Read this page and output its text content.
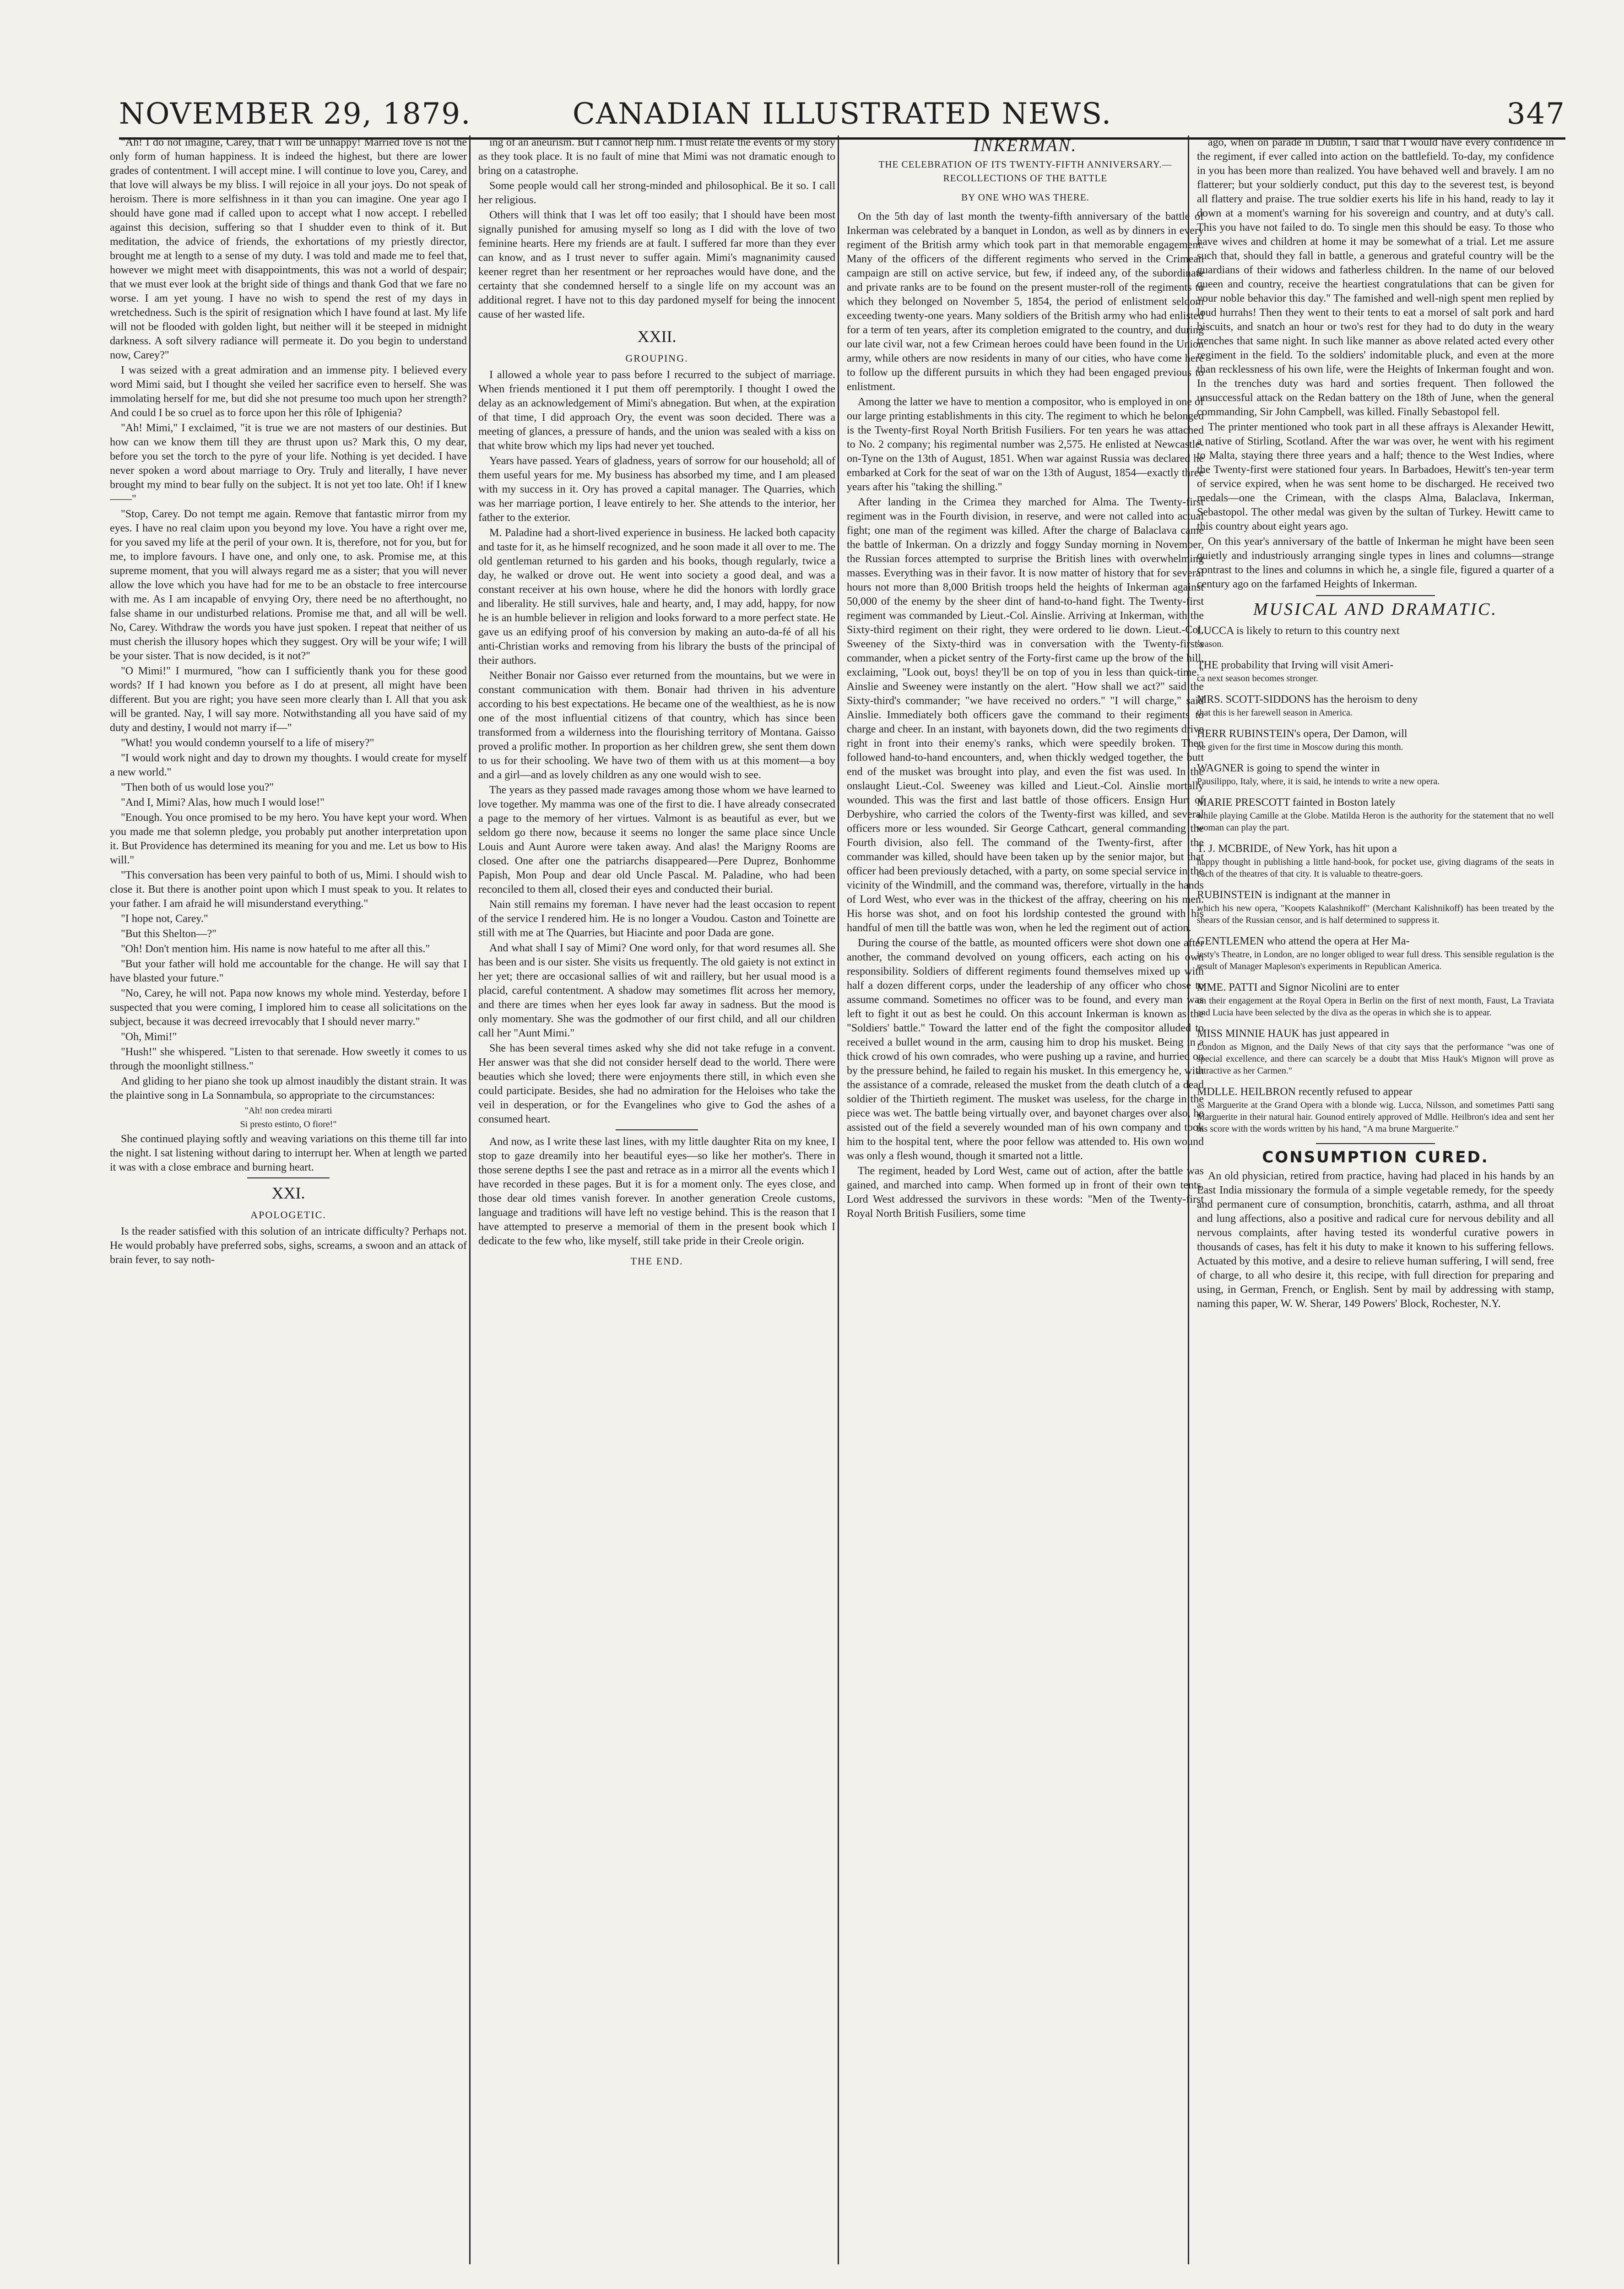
NOVEMBER 29, 1879.	CANADIAN ILLUSTRATED NEWS.	347

"Ah! I do not imagine, Carey, that I will be unhappy! Married love is not the only form of human happiness. It is indeed the highest, but there are lower grades of contentment. I will accept mine. I will continue to love you, Carey, and that love will always be my bliss. I will rejoice in all your joys. Do not speak of heroism. There is more selfishness in it than you can imagine. One year ago I should have gone mad if called upon to accept what I now accept. I rebelled against this decision, suffering so that I shudder even to think of it. But meditation, the advice of friends, the exhortations of my priestly director, brought me at length to a sense of my duty. I was told and made me to feel that, however we might meet with disappointments, this was not a world of despair; that we must ever look at the bright side of things and thank God that we fare no worse. I am yet young. I have no wish to spend the rest of my days in wretchedness. Such is the spirit of resignation which I have found at last. My life will not be flooded with golden light, but neither will it be steeped in midnight darkness. A soft silvery radiance will permeate it. Do you begin to understand now, Carey?"

I was seized with a great admiration and an immense pity. I believed every word Mimi said, but I thought she veiled her sacrifice even to herself. She was immolating herself for me, but did she not presume too much upon her strength? And could I be so cruel as to force upon her this rôle of Iphigenia?

"Ah! Mimi," I exclaimed, "it is true we are not masters of our destinies. But how can we know them till they are thrust upon us? Mark this, O my dear, before you set the torch to the pyre of your life. Nothing is yet decided. I have never spoken a word about marriage to Ory. Truly and literally, I have never brought my mind to bear fully on the subject. It is not yet too late. Oh! if I knew——"

"Stop, Carey. Do not tempt me again. Remove that fantastic mirror from my eyes. I have no real claim upon you beyond my love. You have a right over me, for you saved my life at the peril of your own. It is, therefore, not for you, but for me, to implore favours. I have one, and only one, to ask. Promise me, at this supreme moment, that you will always regard me as a sister; that you will never allow the love which you have had for me to be an obstacle to free intercourse with me. As I am incapable of envying Ory, there need be no afterthought, no false shame in our undisturbed relations. Promise me that, and all will be well. No, Carey. Withdraw the words you have just spoken. I repeat that neither of us must cherish the illusory hopes which they suggest. Ory will be your wife; I will be your sister. That is now decided, is it not?"

"O Mimi!" I murmured, "how can I sufficiently thank you for these good words? If I had known you before as I do at present, all might have been different. But you are right; you have seen more clearly than I. All that you ask will be granted. Nay, I will say more. Notwithstanding all you have said of my duty and destiny, I would not marry if—"

"What! you would condemn yourself to a life of misery?"

"I would work night and day to drown my thoughts. I would create for myself a new world."

"Then both of us would lose you?"

"And I, Mimi? Alas, how much I would lose!"

"Enough. You once promised to be my hero. You have kept your word. When you made me that solemn pledge, you probably put another interpretation upon it. But Providence has determined its meaning for you and me. Let us bow to His will."

"This conversation has been very painful to both of us, Mimi. I should wish to close it. But there is another point upon which I must speak to you. It relates to your father. I am afraid he will misunderstand everything."

"I hope not, Carey."

"But this Shelton—?"

"Oh! Don't mention him. His name is now hateful to me after all this."

"But your father will hold me accountable for the change. He will say that I have blasted your future."

"No, Carey, he will not. Papa now knows my whole mind. Yesterday, before I suspected that you were coming, I implored him to cease all solicitations on the subject, because it was decreed irrevocably that I should never marry."

"Oh, Mimi!"

"Hush!" she whispered. "Listen to that serenade. How sweetly it comes to us through the moonlight stillness."

And gliding to her piano she took up almost inaudibly the distant strain. It was the plaintive song in La Sonnambula, so appropriate to the circumstances:

"Ah! non credea mirarti
Si presto estinto, O fiore!"

She continued playing softly and weaving variations on this theme till far into the night. I sat listening without daring to interrupt her. When at length we parted it was with a close embrace and burning heart.

XXI.

APOLOGETIC.

Is the reader satisfied with this solution of an intricate difficulty? Perhaps not. He would probably have preferred sobs, sighs, screams, a swoon and an attack of brain fever, to say noth-

ing of an aneurism. But I cannot help him. I must relate the events of my story as they took place. It is no fault of mine that Mimi was not dramatic enough to bring on a catastrophe.

Some people would call her strong-minded and philosophical. Be it so. I call her religious.

Others will think that I was let off too easily; that I should have been most signally punished for amusing myself so long as I did with the love of two feminine hearts. Here my friends are at fault. I suffered far more than they ever can know, and as I trust never to suffer again. Mimi's magnanimity caused keener regret than her resentment or her reproaches would have done, and the certainty that she condemned herself to a single life on my account was an additional regret. I have not to this day pardoned myself for being the innocent cause of her wasted life.

XXII.

GROUPING.

I allowed a whole year to pass before I recurred to the subject of marriage. When friends mentioned it I put them off peremptorily. I thought I owed the delay as an acknowledgement of Mimi's abnegation. But when, at the expiration of that time, I did approach Ory, the event was soon decided. There was a meeting of glances, a pressure of hands, and the union was sealed with a kiss on that white brow which my lips had never yet touched.

Years have passed. Years of gladness, years of sorrow for our household; all of them useful years for me. My business has absorbed my time, and I am pleased with my success in it. Ory has proved a capital manager. The Quarries, which was her marriage portion, I leave entirely to her. She attends to the interior, her father to the exterior.

M. Paladine had a short-lived experience in business. He lacked both capacity and taste for it, as he himself recognized, and he soon made it all over to me. The old gentleman returned to his garden and his books, though regularly, twice a day, he walked or drove out. He went into society a good deal, and was a constant receiver at his own house, where he did the honors with lordly grace and liberality. He still survives, hale and hearty, and, I may add, happy, for now he is an humble believer in religion and looks forward to a more perfect state. He gave us an edifying proof of his conversion by making an auto-da-fé of all his anti-Christian works and removing from his library the busts of the principal of their authors.

Neither Bonair nor Gaisso ever returned from the mountains, but we were in constant communication with them. Bonair had thriven in his adventure according to his best expectations. He became one of the wealthiest, as he is now one of the most influential citizens of that country, which has since been transformed from a wilderness into the flourishing territory of Montana. Gaisso proved a prolific mother. In proportion as her children grew, she sent them down to us for their schooling. We have two of them with us at this moment—a boy and a girl—and as lovely children as any one would wish to see.

The years as they passed made ravages among those whom we have learned to love together. My mamma was one of the first to die. I have already consecrated a page to the memory of her virtues. Valmont is as beautiful as ever, but we seldom go there now, because it seems no longer the same place since Uncle Louis and Aunt Aurore were taken away. And alas! the Marigny Rooms are closed. One after one the patriarchs disappeared—Pere Duprez, Bonhomme Papish, Mon Poup and dear old Uncle Pascal. M. Paladine, who had been reconciled to them all, closed their eyes and conducted their burial.

Nain still remains my foreman. I have never had the least occasion to repent of the service I rendered him. He is no longer a Voudou. Caston and Toinette are still with me at The Quarries, but Hiacinte and poor Dada are gone.

And what shall I say of Mimi? One word only, for that word resumes all. She has been and is our sister. She visits us frequently. The old gaiety is not extinct in her yet; there are occasional sallies of wit and raillery, but her usual mood is a placid, careful contentment. A shadow may sometimes flit across her memory, and there are times when her eyes look far away in sadness. But the mood is only momentary. She was the godmother of our first child, and all our children call her "Aunt Mimi."

She has been several times asked why she did not take refuge in a convent. Her answer was that she did not consider herself dead to the world. There were beauties which she loved; there were enjoyments there still, in which even she could participate. Besides, she had no admiration for the Heloises who take the veil in desperation, or for the Evangelines who give to God the ashes of a consumed heart.

And now, as I write these last lines, with my little daughter Rita on my knee, I stop to gaze dreamily into her beautiful eyes—so like her mother's. There in those serene depths I see the past and retrace as in a mirror all the events which I have recorded in these pages. But it is for a moment only. The eyes close, and those dear old times vanish forever. In another generation Creole customs, language and traditions will have left no vestige behind. This is the reason that I have attempted to preserve a memorial of them in the present book which I dedicate to the few who, like myself, still take pride in their Creole origin.

THE END.
INKERMAN.
THE CELEBRATION OF ITS TWENTY-FIFTH ANNIVERSARY.—RECOLLECTIONS OF THE BATTLE
BY ONE WHO WAS THERE.

On the 5th day of last month the twenty-fifth anniversary of the battle of Inkerman was celebrated by a banquet in London, as well as by dinners in every regiment of the British army which took part in that memorable engagement. Many of the officers of the different regiments who served in the Crimean campaign are still on active service, but few, if indeed any, of the subordinate and private ranks are to be found on the present muster-roll of the regiments to which they belonged on November 5, 1854, the period of enlistment seldom exceeding twenty-one years. Many soldiers of the British army who had enlisted for a term of ten years, after its completion emigrated to the country, and during our late civil war, not a few Crimean heroes could have been found in the Union army, while others are now residents in many of our cities, who have come here to follow up the different pursuits in which they had been engaged previous to enlistment.

Among the latter we have to mention a compositor, who is employed in one of our large printing establishments in this city. The regiment to which he belonged is the Twenty-first Royal North British Fusiliers. For ten years he was attached to No. 2 company; his regimental number was 2,575. He enlisted at Newcastle-on-Tyne on the 13th of August, 1851. When war against Russia was declared he embarked at Cork for the seat of war on the 13th of August, 1854—exactly three years after his "taking the shilling."

After landing in the Crimea they marched for Alma. The Twenty-first regiment was in the Fourth division, in reserve, and were not called into actual fight; one man of the regiment was killed. After the charge of Balaclava came the battle of Inkerman. On a drizzly and foggy Sunday morning in November, the Russian forces attempted to surprise the British lines with overwhelming masses. Everything was in their favor. It is now matter of history that for several hours not more than 8,000 British troops held the heights of Inkerman against 50,000 of the enemy by the sheer dint of hand-to-hand fight. The Twenty-first regiment was commanded by Lieut.-Col. Ainslie. Arriving at Inkerman, with the Sixty-third regiment on their right, they were ordered to lie down. Lieut.-Col. Sweeney of the Sixty-third was in conversation with the Twenty-first's commander, when a picket sentry of the Forty-first came up the brow of the hill, exclaiming, "Look out, boys! they'll be on top of you in less than quick-time." Ainslie and Sweeney were instantly on the alert. "How shall we act?" said the Sixty-third's commander; "we have received no orders." "I will charge," said Ainslie. Immediately both officers gave the command to their regiments to charge and cheer. In an instant, with bayonets down, did the two regiments drive right in front into their enemy's ranks, which were speedily broken. Then followed hand-to-hand encounters, and, when thickly wedged together, the butt end of the musket was brought into play, and even the fist was used. In the onslaught Lieut.-Col. Sweeney was killed and Lieut.-Col. Ainslie mortally wounded. This was the first and last battle of those officers. Ensign Hurt of Derbyshire, who carried the colors of the Twenty-first was killed, and several officers more or less wounded. Sir George Cathcart, general commanding the Fourth division, also fell. The command of the Twenty-first, after the commander was killed, should have been taken up by the senior major, but that officer had been previously detached, with a party, on some special service in the vicinity of the Windmill, and the command was, therefore, virtually in the hands of Lord West, who ever was in the thickest of the affray, cheering on his men. His horse was shot, and on foot his lordship contested the ground with his handful of men till the battle was won, when he led the regiment out of action.

During the course of the battle, as mounted officers were shot down one after another, the command devolved on young officers, each acting on his own responsibility. Soldiers of different regiments found themselves mixed up with half a dozen different corps, under the leadership of any officer who chose to assume command. Sometimes no officer was to be found, and every man was left to fight it out as best he could. On this account Inkerman is known as the "Soldiers' battle." Toward the latter end of the fight the compositor alluded to received a bullet wound in the arm, causing him to drop his musket. Being in a thick crowd of his own comrades, who were pushing up a ravine, and hurried on by the pressure behind, he failed to regain his musket. In this emergency he, with the assistance of a comrade, released the musket from the death clutch of a dead soldier of the Thirtieth regiment. The musket was useless, for the charge in the piece was wet. The battle being virtually over, and bayonet charges over also, he assisted out of the field a severely wounded man of his own company and took him to the hospital tent, where the poor fellow was attended to. His own wound was only a flesh wound, though it smarted not a little.

The regiment, headed by Lord West, came out of action, after the battle was gained, and marched into camp. When formed up in front of their own tents, Lord West addressed the survivors in these words: "Men of the Twenty-first Royal North British Fusiliers, some time

ago, when on parade in Dublin, I said that I would have every confidence in the regiment, if ever called into action on the battlefield. To-day, my confidence in you has been more than realized. You have behaved well and bravely. I am no flatterer; but your soldierly conduct, put this day to the severest test, is beyond all flattery and praise. The true soldier exerts his life in his hand, ready to lay it down at a moment's warning for his sovereign and country, and at duty's call. This you have not failed to do. To single men this should be easy. To those who have wives and children at home it may be somewhat of a trial. Let me assure such that, should they fall in battle, a generous and grateful country will be the guardians of their widows and fatherless children. In the name of our beloved queen and country, receive the heartiest congratulations that can be given for your noble behavior this day." The famished and well-nigh spent men replied by loud hurrahs! Then they went to their tents to eat a morsel of salt pork and hard biscuits, and snatch an hour or two's rest for they had to do duty in the weary trenches that same night. In such like manner as above related acted every other regiment in the field. To the soldiers' indomitable pluck, and even at the more than recklessness of his own life, were the Heights of Inkerman fought and won. In the trenches duty was hard and sorties frequent. Then followed the unsuccessful attack on the Redan battery on the 18th of June, when the general commanding, Sir John Campbell, was killed. Finally Sebastopol fell.

The printer mentioned who took part in all these affrays is Alexander Hewitt, a native of Stirling, Scotland. After the war was over, he went with his regiment to Malta, staying there three years and a half; thence to the West Indies, where the Twenty-first were stationed four years. In Barbadoes, Hewitt's ten-year term of service expired, when he was sent home to be discharged. He received two medals—one the Crimean, with the clasps Alma, Balaclava, Inkerman, Sebastopol. The other medal was given by the sultan of Turkey. Hewitt came to this country about eight years ago.

On this year's anniversary of the battle of Inkerman he might have been seen quietly and industriously arranging single types in lines and columns—strange contrast to the lines and columns in which he, a single file, figured a quarter of a century ago on the farfamed Heights of Inkerman.

MUSICAL AND DRAMATIC.
LUCCA is likely to return to this country next
season.
THE probability that Irving will visit Ameri-
ca next season becomes stronger.
MRS. SCOTT-SIDDONS has the heroism to deny
that this is her farewell season in America.
HERR RUBINSTEIN's opera, Der Damon, will
be given for the first time in Moscow during this month.
WAGNER is going to spend the winter in
Pausilippo, Italy, where, it is said, he intends to write a new opera.
MARIE PRESCOTT fainted in Boston lately
while playing Camille at the Globe. Matilda Heron is the authority for the statement that no well woman can play the part.
T. J. MCBRIDE, of New York, has hit upon a
happy thought in publishing a little hand-book, for pocket use, giving diagrams of the seats in each of the theatres of that city. It is valuable to theatre-goers.
RUBINSTEIN is indignant at the manner in
which his new opera, "Koopets Kalashnikoff" (Merchant Kalishnikoff) has been treated by the shears of the Russian censor, and is half determined to suppress it.
GENTLEMEN who attend the opera at Her Ma-
jesty's Theatre, in London, are no longer obliged to wear full dress. This sensible regulation is the result of Manager Mapleson's experiments in Republican America.
MME. PATTI and Signor Nicolini are to enter
on their engagement at the Royal Opera in Berlin on the first of next month, Faust, La Traviata and Lucia have been selected by the diva as the operas in which she is to appear.
MISS MINNIE HAUK has just appeared in
London as Mignon, and the Daily News of that city says that the performance "was one of special excellence, and there can scarcely be a doubt that Miss Hauk's Mignon will prove as attractive as her Carmen."
MDLLE. HEILBRON recently refused to appear
as Marguerite at the Grand Opera with a blonde wig. Lucca, Nilsson, and sometimes Patti sang Marguerite in their natural hair. Gounod entirely approved of Mdlle. Heilbron's idea and sent her his score with the words written by his hand, "A ma brune Marguerite."
CONSUMPTION CURED.

An old physician, retired from practice, having had placed in his hands by an East India missionary the formula of a simple vegetable remedy, for the speedy and permanent cure of consumption, bronchitis, catarrh, asthma, and all throat and lung affections, also a positive and radical cure for nervous debility and all nervous complaints, after having tested its wonderful curative powers in thousands of cases, has felt it his duty to make it known to his suffering fellows. Actuated by this motive, and a desire to relieve human suffering, I will send, free of charge, to all who desire it, this recipe, with full direction for preparing and using, in German, French, or English. Sent by mail by addressing with stamp, naming this paper, W. W. Sherar, 149 Powers' Block, Rochester, N.Y.
